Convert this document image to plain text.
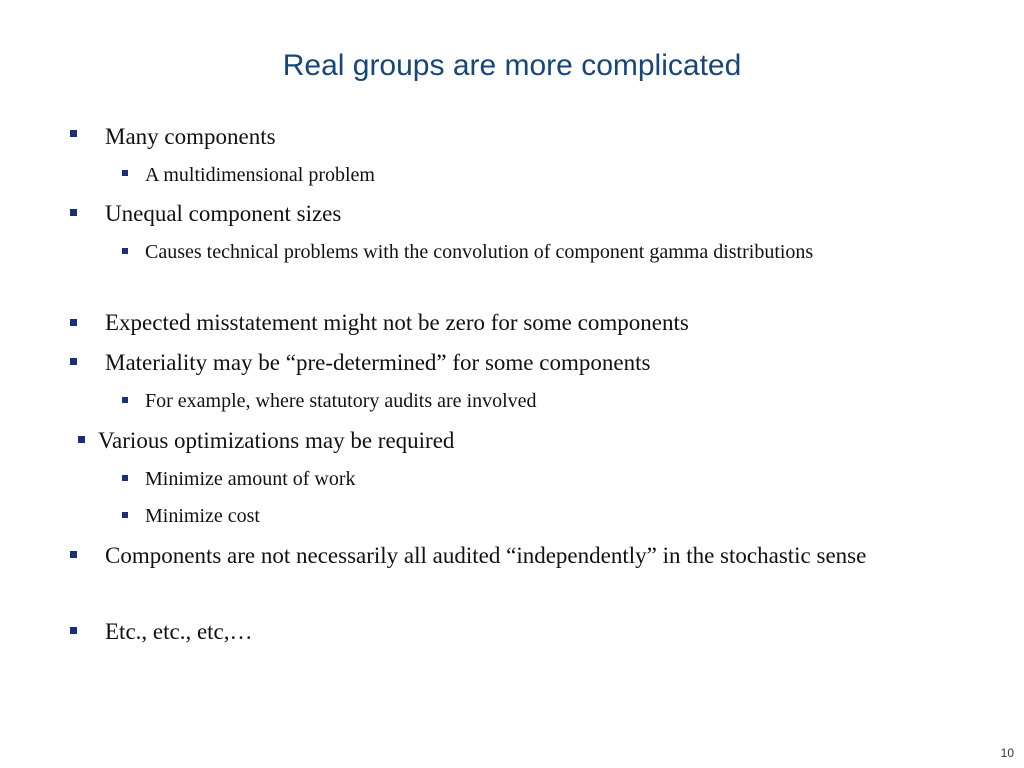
Real groups are more complicated
Many components
A multidimensional problem
Unequal component sizes
Causes technical problems with the convolution of component gamma distributions
Expected misstatement might not be zero for some components
Materiality may be “pre-determined” for some components
For example, where statutory audits are involved
Various optimizations may be required
Minimize amount of work
Minimize cost
Components are not necessarily all audited “independently” in the stochastic sense
Etc., etc., etc,…
10
